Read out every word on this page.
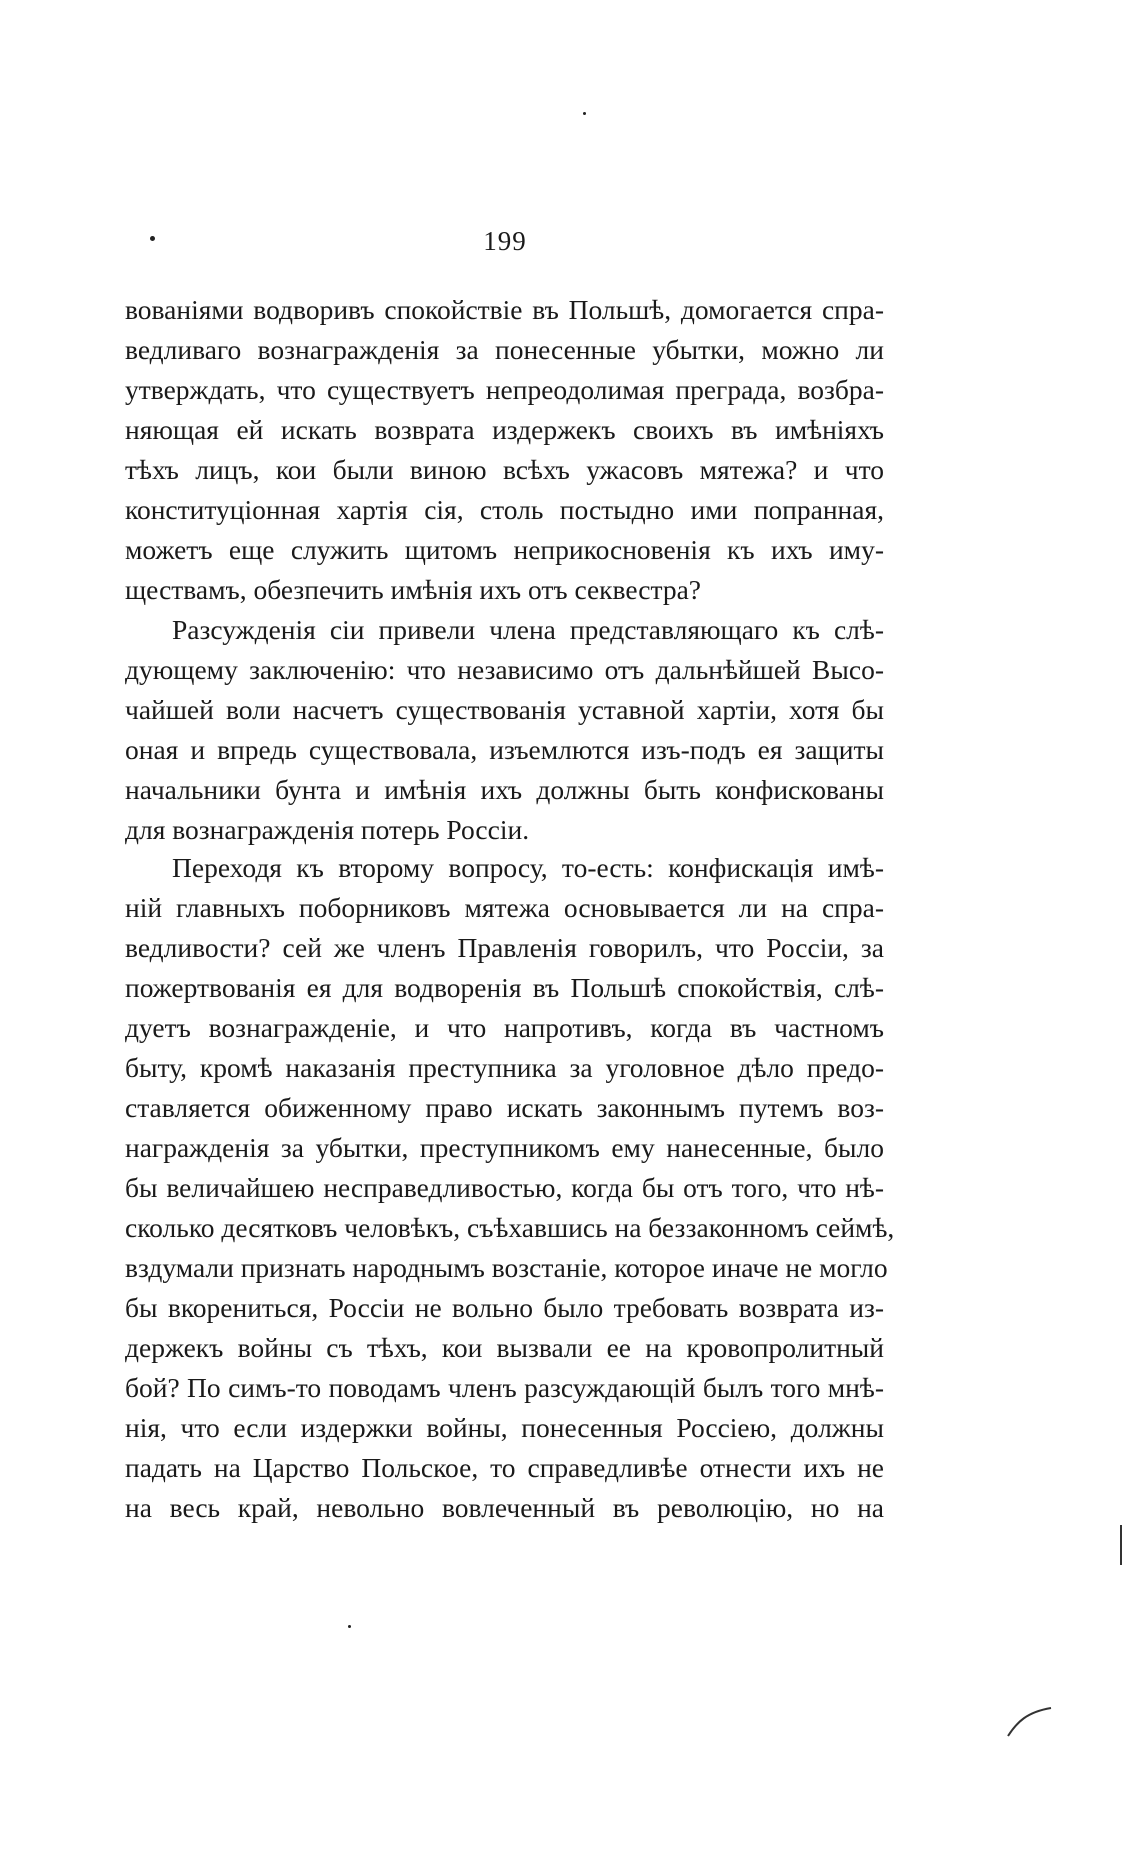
199
вованіями водворивъ спокойствіе въ Польшѣ, домогается спра-
ведливаго вознагражденія за понесенные убытки, можно ли
утверждать, что существуетъ непреодолимая преграда, возбра-
няющая ей искать возврата издержекъ своихъ въ имѣніяхъ
тѣхъ лицъ, кои были виною всѣхъ ужасовъ мятежа? и что
конституціонная хартія сія, столь постыдно ими попранная,
можетъ еще служить щитомъ неприкосновенія къ ихъ иму-
ществамъ, обезпечить имѣнія ихъ отъ секвестра?
Разсужденія сіи привели члена представляющаго къ слѣ-
дующему заключенію: что независимо отъ дальнѣйшей Высо-
чайшей воли насчетъ существованія уставной хартіи, хотя бы
оная и впредь существовала, изъемлются изъ-подъ ея защиты
начальники бунта и имѣнія ихъ должны быть конфискованы
для вознагражденія потерь Россіи.
Переходя къ второму вопросу, то-есть: конфискація имѣ-
ній главныхъ поборниковъ мятежа основывается ли на спра-
ведливости? сей же членъ Правленія говорилъ, что Россіи, за
пожертвованія ея для водворенія въ Польшѣ спокойствія, слѣ-
дуетъ вознагражденіе, и что напротивъ, когда въ частномъ
быту, кромѣ наказанія преступника за уголовное дѣло предо-
ставляется обиженному право искать законнымъ путемъ воз-
награжденія за убытки, преступникомъ ему нанесенные, было
бы величайшею несправедливостью, когда бы отъ того, что нѣ-
сколько десятковъ человѣкъ, съѣхавшись на беззаконномъ сеймѣ,
вздумали признать народнымъ возстаніе, которое иначе не могло
бы вкорениться, Россіи не вольно было требовать возврата из-
держекъ войны съ тѣхъ, кои вызвали ее на кровопролитный
бой? По симъ-то поводамъ членъ разсуждающій былъ того мнѣ-
нія, что если издержки войны, понесенныя Россіею, должны
падать на Царство Польское, то справедливѣе отнести ихъ не
на весь край, невольно вовлеченный въ революцію, но на
